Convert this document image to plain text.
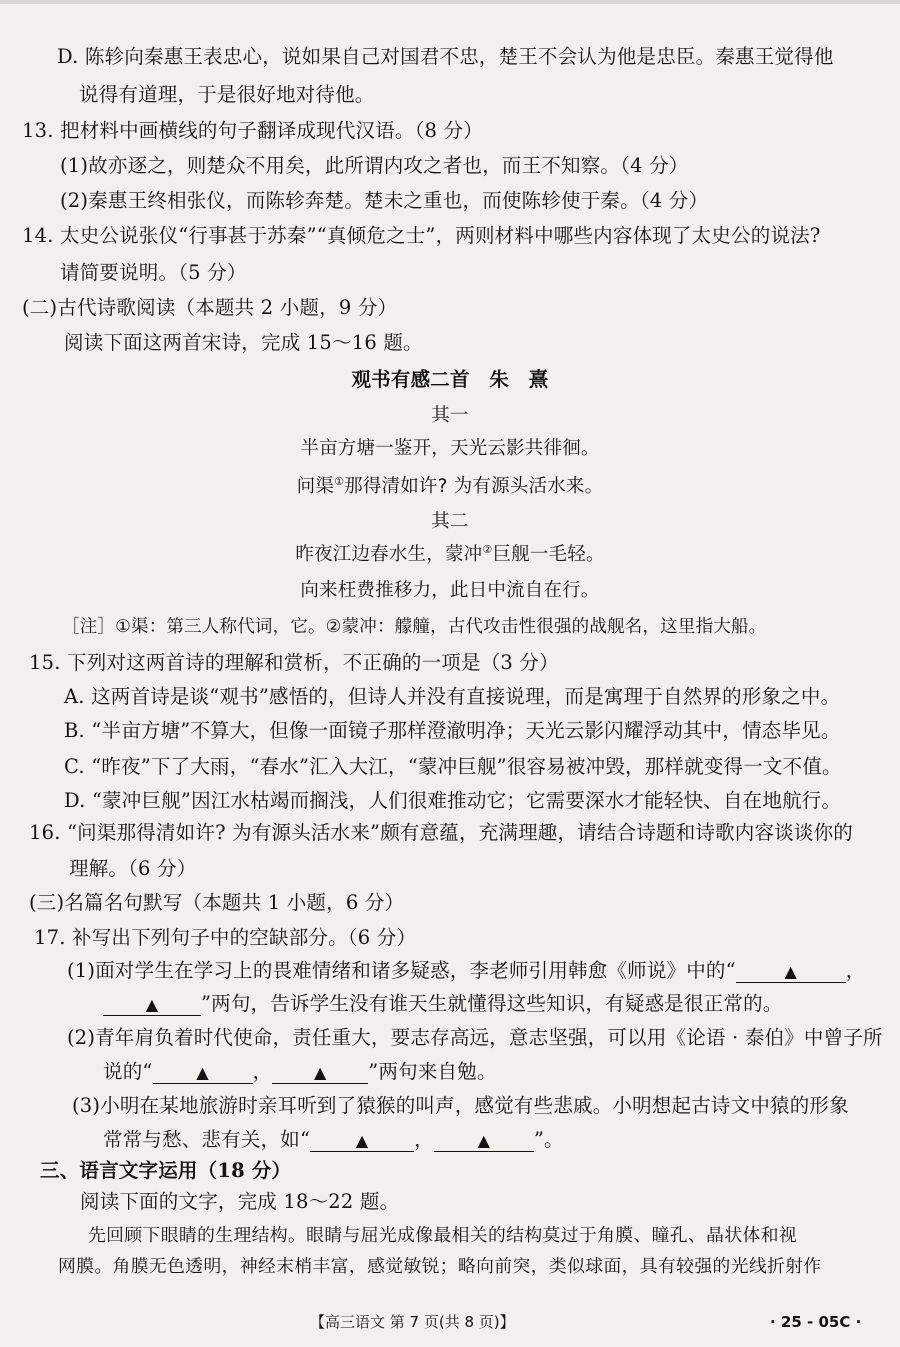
D. 陈轸向秦惠王表忠心，说如果自己对国君不忠，楚王不会认为他是忠臣。秦惠王觉得他
说得有道理，于是很好地对待他。
13. 把材料中画横线的句子翻译成现代汉语。（8 分）
(1)故亦逐之，则楚众不用矣，此所谓内攻之者也，而王不知察。（4 分）
(2)秦惠王终相张仪，而陈轸奔楚。楚未之重也，而使陈轸使于秦。（4 分）
14. 太史公说张仪“行事甚于苏秦”“真倾危之士”，两则材料中哪些内容体现了太史公的说法?
请简要说明。（5 分）
(二)古代诗歌阅读（本题共 2 小题，9 分）
阅读下面这两首宋诗，完成 15～16 题。
观书有感二首　朱　熹
其一
半亩方塘一鉴开，天光云影共徘徊。
问渠①那得清如许? 为有源头活水来。
其二
昨夜江边春水生，蒙冲②巨舰一毛轻。
向来枉费推移力，此日中流自在行。
［注］①渠：第三人称代词，它。②蒙冲：艨艟，古代攻击性很强的战舰名，这里指大船。
15. 下列对这两首诗的理解和赏析，不正确的一项是（3 分）
A. 这两首诗是谈“观书”感悟的，但诗人并没有直接说理，而是寓理于自然界的形象之中。
B. “半亩方塘”不算大，但像一面镜子那样澄澈明净；天光云影闪耀浮动其中，情态毕见。
C. “昨夜”下了大雨，“春水”汇入大江，“蒙冲巨舰”很容易被冲毁，那样就变得一文不值。
D. “蒙冲巨舰”因江水枯竭而搁浅，人们很难推动它；它需要深水才能轻快、自在地航行。
16. “问渠那得清如许? 为有源头活水来”颇有意蕴，充满理趣，请结合诗题和诗歌内容谈谈你的
理解。（6 分）
(三)名篇名句默写（本题共 1 小题，6 分）
17. 补写出下列句子中的空缺部分。（6 分）
(1)面对学生在学习上的畏难情绪和诸多疑惑，李老师引用韩愈《师说》中的“	▲	，
▲ ”两句，告诉学生没有谁天生就懂得这些知识，有疑惑是很正常的。
(2)青年肩负着时代使命，责任重大，要志存高远，意志坚强，可以用《论语 · 泰伯》中曾子所
说的“	▲ ，	▲ ”两句来自勉。
(3)小明在某地旅游时亲耳听到了猿猴的叫声，感觉有些悲戚。小明想起古诗文中猿的形象
常常与愁、悲有关，如“	▲ ，	▲ ”。
三、语言文字运用（18 分）
阅读下面的文字，完成 18～22 题。
先回顾下眼睛的生理结构。眼睛与屈光成像最相关的结构莫过于角膜、瞳孔、晶状体和视
网膜。角膜无色透明，神经末梢丰富，感觉敏锐；略向前突，类似球面，具有较强的光线折射作
【高三语文 第 7 页(共 8 页)】	· 25 - 05C ·
